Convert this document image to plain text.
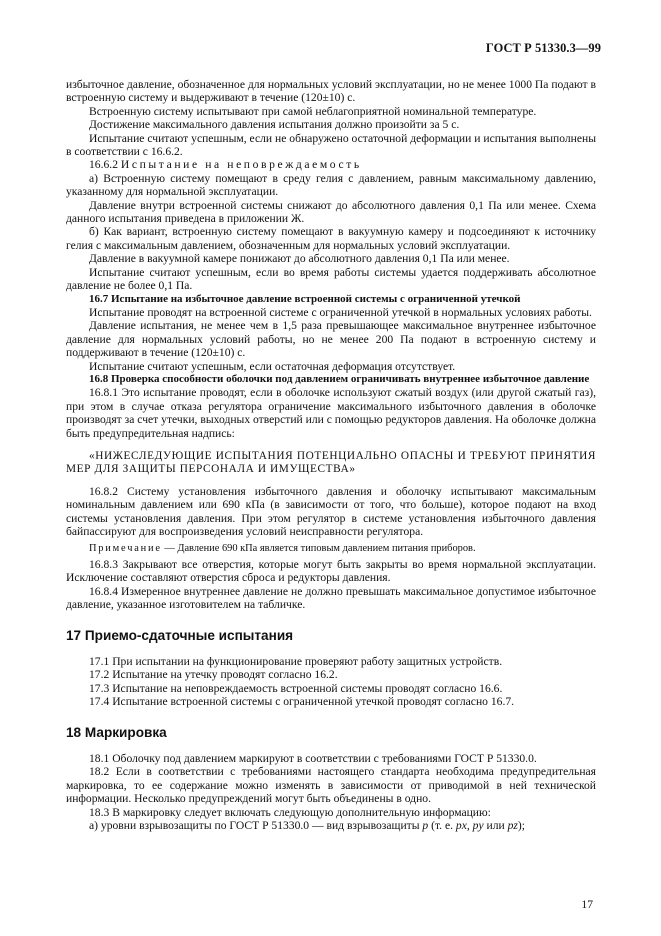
ГОСТ Р 51330.3—99

избыточное давление, обозначенное для нормальных условий эксплуатации, но не менее 1000 Па подают в встроенную систему и выдерживают в течение (120±10) с.

Встроенную систему испытывают при самой неблагоприятной номинальной температуре.

Достижение максимального давления испытания должно произойти за 5 с.

Испытание считают успешным, если не обнаружено остаточной деформации и испытания выполнены в соответствии с 16.6.2.

16.6.2 Испытание на неповреждаемость

а) Встроенную систему помещают в среду гелия с давлением, равным максимальному давлению, указанному для нормальной эксплуатации.

Давление внутри встроенной системы снижают до абсолютного давления 0,1 Па или менее. Схема данного испытания приведена в приложении Ж.

б) Как вариант, встроенную систему помещают в вакуумную камеру и подсоединяют к источнику гелия с максимальным давлением, обозначенным для нормальных условий эксплуатации.

Давление в вакуумной камере понижают до абсолютного давления 0,1 Па или менее.

Испытание считают успешным, если во время работы системы удается поддерживать абсолютное давление не более 0,1 Па.

16.7 Испытание на избыточное давление встроенной системы с ограниченной утечкой

Испытание проводят на встроенной системе с ограниченной утечкой в нормальных условиях работы.

Давление испытания, не менее чем в 1,5 раза превышающее максимальное внутреннее избыточное давление для нормальных условий работы, но не менее 200 Па подают в встроенную систему и поддерживают в течение (120±10) с.

Испытание считают успешным, если остаточная деформация отсутствует.

16.8 Проверка способности оболочки под давлением ограничивать внутреннее избыточное давление

16.8.1 Это испытание проводят, если в оболочке используют сжатый воздух (или другой сжатый газ), при этом в случае отказа регулятора ограничение максимального избыточного давления в оболочке производят за счет утечки, выходных отверстий или с помощью редукторов давления. На оболочке должна быть предупредительная надпись:

«НИЖЕСЛЕДУЮЩИЕ ИСПЫТАНИЯ ПОТЕНЦИАЛЬНО ОПАСНЫ И ТРЕБУЮТ ПРИНЯТИЯ МЕР ДЛЯ ЗАЩИТЫ ПЕРСОНАЛА И ИМУЩЕСТВА»

16.8.2 Систему установления избыточного давления и оболочку испытывают максимальным номинальным давлением или 690 кПа (в зависимости от того, что больше), которое подают на вход системы установления давления. При этом регулятор в системе установления избыточного давления байпассируют для воспроизведения условий неисправности регулятора.

Примечание — Давление 690 кПа является типовым давлением питания приборов.

16.8.3 Закрывают все отверстия, которые могут быть закрыты во время нормальной эксплуатации. Исключение составляют отверстия сброса и редукторы давления.

16.8.4 Измеренное внутреннее давление не должно превышать максимальное допустимое избыточное давление, указанное изготовителем на табличке.

17 Приемо-сдаточные испытания

17.1 При испытании на функционирование проверяют работу защитных устройств.

17.2 Испытание на утечку проводят согласно 16.2.

17.3 Испытание на неповреждаемость встроенной системы проводят согласно 16.6.

17.4 Испытание встроенной системы с ограниченной утечкой проводят согласно 16.7.

18 Маркировка

18.1 Оболочку под давлением маркируют в соответствии с требованиями ГОСТ Р 51330.0.

18.2 Если в соответствии с требованиями настоящего стандарта необходима предупредительная маркировка, то ее содержание можно изменять в зависимости от приводимой в ней технической информации. Несколько предупреждений могут быть объединены в одно.

18.3 В маркировку следует включать следующую дополнительную информацию:

а) уровни взрывозащиты по ГОСТ Р 51330.0 — вид взрывозащиты p (т. е. px, py или pz);

17
